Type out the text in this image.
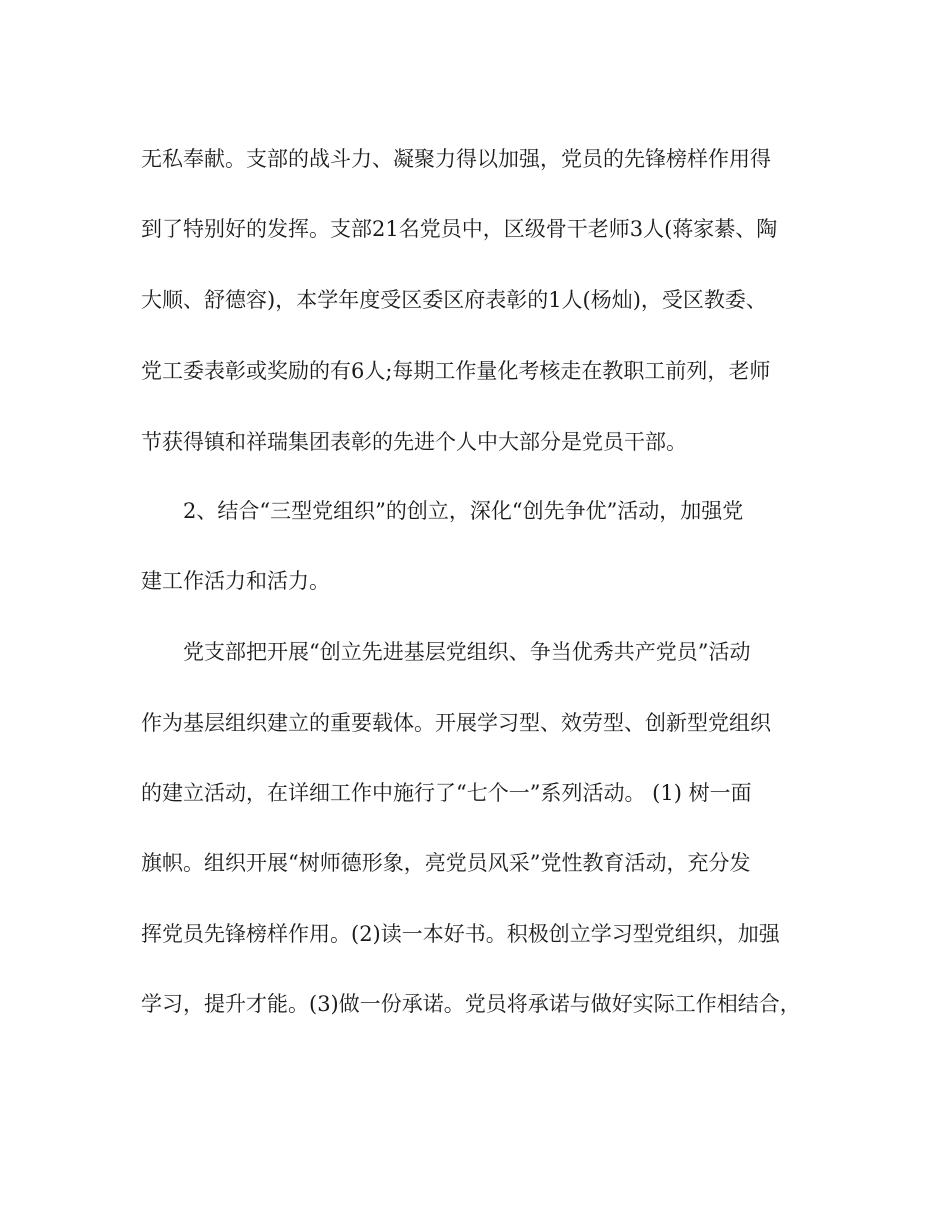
无私奉献。支部的战斗力、凝聚力得以加强，党员的先锋榜样作用得
到了特别好的发挥。支部21名党员中，区级骨干老师3人(蒋家綦、陶
大顺、舒德容)，本学年度受区委区府表彰的1人(杨灿)，受区教委、
党工委表彰或奖励的有6人;每期工作量化考核走在教职工前列，老师
节获得镇和祥瑞集团表彰的先进个人中大部分是党员干部。
2、结合“三型党组织”的创立，深化“创先争优”活动，加强党
建工作活力和活力。
党支部把开展“创立先进基层党组织、争当优秀共产党员”活动
作为基层组织建立的重要载体。开展学习型、效劳型、创新型党组织
的建立活动，在详细工作中施行了“七个一”系列活动。 (1) 树一面
旗帜。组织开展“树师德形象，亮党员风采”党性教育活动，充分发
挥党员先锋榜样作用。(2)读一本好书。积极创立学习型党组织，加强
学习，提升才能。(3)做一份承诺。党员将承诺与做好实际工作相结合，
